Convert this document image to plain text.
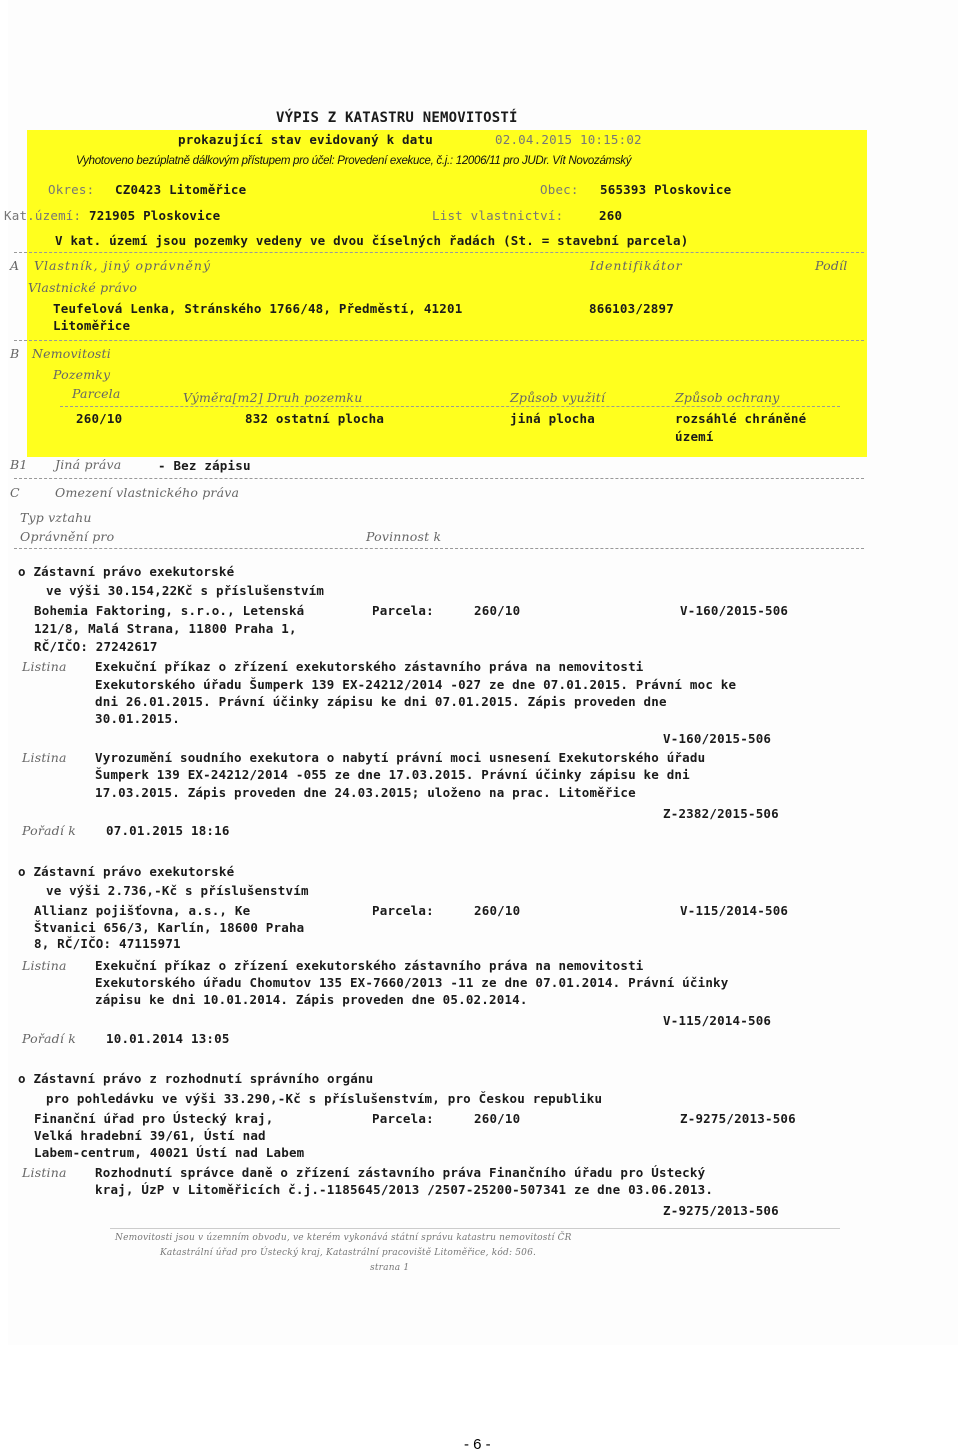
VÝPIS Z KATASTRU NEMOVITOSTÍ
prokazující stav evidovaný k datu	02.04.2015 10:15:02
Vyhotoveno bezúplatně dálkovým přístupem pro účel: Provedení exekuce, č.j.: 12006/11 pro JUDr. Vít Novozámský
Okres: CZ0423 Litoměřice	Obec: 565393 Ploskovice
Kat.území: 721905 Ploskovice	List vlastnictví:	260
V kat. území jsou pozemky vedeny ve dvou číselných řadách (St. = stavební parcela)
A Vlastník, jiný oprávněný	Identifikátor	Podíl
Vlastnické právo
Teufelová Lenka, Stránského 1766/48, Předměstí, 41201
Litoměřice
866103/2897
B Nemovitosti
Pozemky
Parcela	Výměra[m2] Druh pozemku	Způsob využití	Způsob ochrany
260/10	832 ostatní plocha	jiná plocha	rozsáhlé chráněné
území
B1 Jiná práva	- Bez zápisu
C	Omezení vlastnického práva
Typ vztahu
Oprávnění pro	Povinnost k
o Zástavní právo exekutorské
ve výši 30.154,22Kč s příslušenstvím
Bohemia Faktoring, s.r.o., Letenská
121/8, Malá Strana, 11800 Praha 1,
RČ/IČO: 27242617
Parcela:	260/10	V-160/2015-506
Listina Exekuční příkaz o zřízení exekutorského zástavního práva na nemovitosti
Exekutorského úřadu Šumperk 139 EX-24212/2014 -027 ze dne 07.01.2015. Právní moc ke
dni 26.01.2015. Právní účinky zápisu ke dni 07.01.2015. Zápis proveden dne
30.01.2015.
V-160/2015-506
Listina Vyrozumění soudního exekutora o nabytí právní moci usnesení Exekutorského úřadu
Šumperk 139 EX-24212/2014 -055 ze dne 17.03.2015. Právní účinky zápisu ke dni
17.03.2015. Zápis proveden dne 24.03.2015; uloženo na prac. Litoměřice
Z-2382/2015-506
Pořadí k 07.01.2015 18:16
o Zástavní právo exekutorské
ve výši 2.736,-Kč s příslušenstvím
Allianz pojišťovna, a.s., Ke
Štvanici 656/3, Karlín, 18600 Praha
8, RČ/IČO: 47115971
Parcela:	260/10	V-115/2014-506
Listina Exekuční příkaz o zřízení exekutorského zástavního práva na nemovitosti
Exekutorského úřadu Chomutov 135 EX-7660/2013 -11 ze dne 07.01.2014. Právní účinky
zápisu ke dni 10.01.2014. Zápis proveden dne 05.02.2014.
V-115/2014-506
Pořadí k 10.01.2014 13:05
o Zástavní právo z rozhodnutí správního orgánu
pro pohledávku ve výši 33.290,-Kč s příslušenstvím, pro Českou republiku
Finanční úřad pro Ústecký kraj,
Velká hradební 39/61, Ústí nad
Labem-centrum, 40021 Ústí nad Labem
Parcela:	260/10	Z-9275/2013-506
Listina Rozhodnutí správce daně o zřízení zástavního práva Finančního úřadu pro Ústecký
kraj, ÚzP v Litoměřicích č.j.-1185645/2013 /2507-25200-507341 ze dne 03.06.2013.
Z-9275/2013-506
Nemovitosti jsou v územním obvodu, ve kterém vykonává státní správu katastru nemovitostí ČR
Katastrální úřad pro Ústecký kraj, Katastrální pracoviště Litoměřice, kód: 506.
strana 1
- 6 -
